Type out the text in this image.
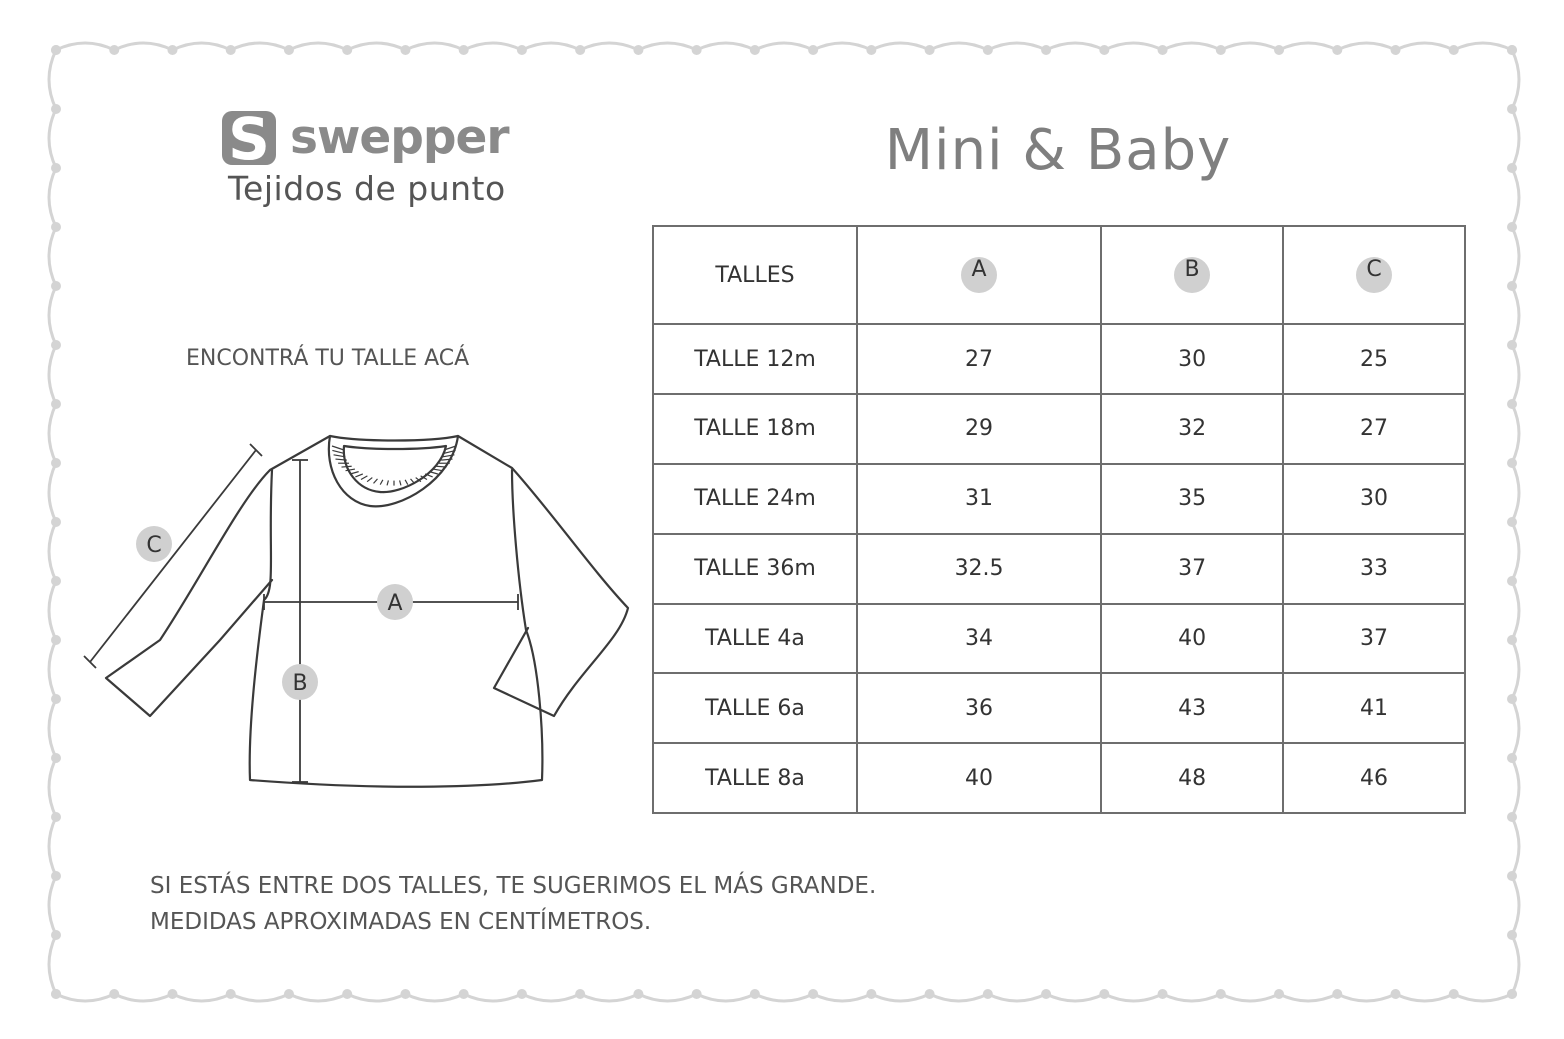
S swepper
Tejidos de punto
Mini & Baby
ENCONTRÁ TU TALLE ACÁ
A
B
C
TALLES	A	B	C
TALLE 12m	27	30	25
TALLE 18m	29	32	27
TALLE 24m	31	35	30
TALLE 36m	32.5	37	33
TALLE 4a	34	40	37
TALLE 6a	36	43	41
TALLE 8a	40	48	46
SI ESTÁS ENTRE DOS TALLES, TE SUGERIMOS EL MÁS GRANDE.
MEDIDAS APROXIMADAS EN CENTÍMETROS.
